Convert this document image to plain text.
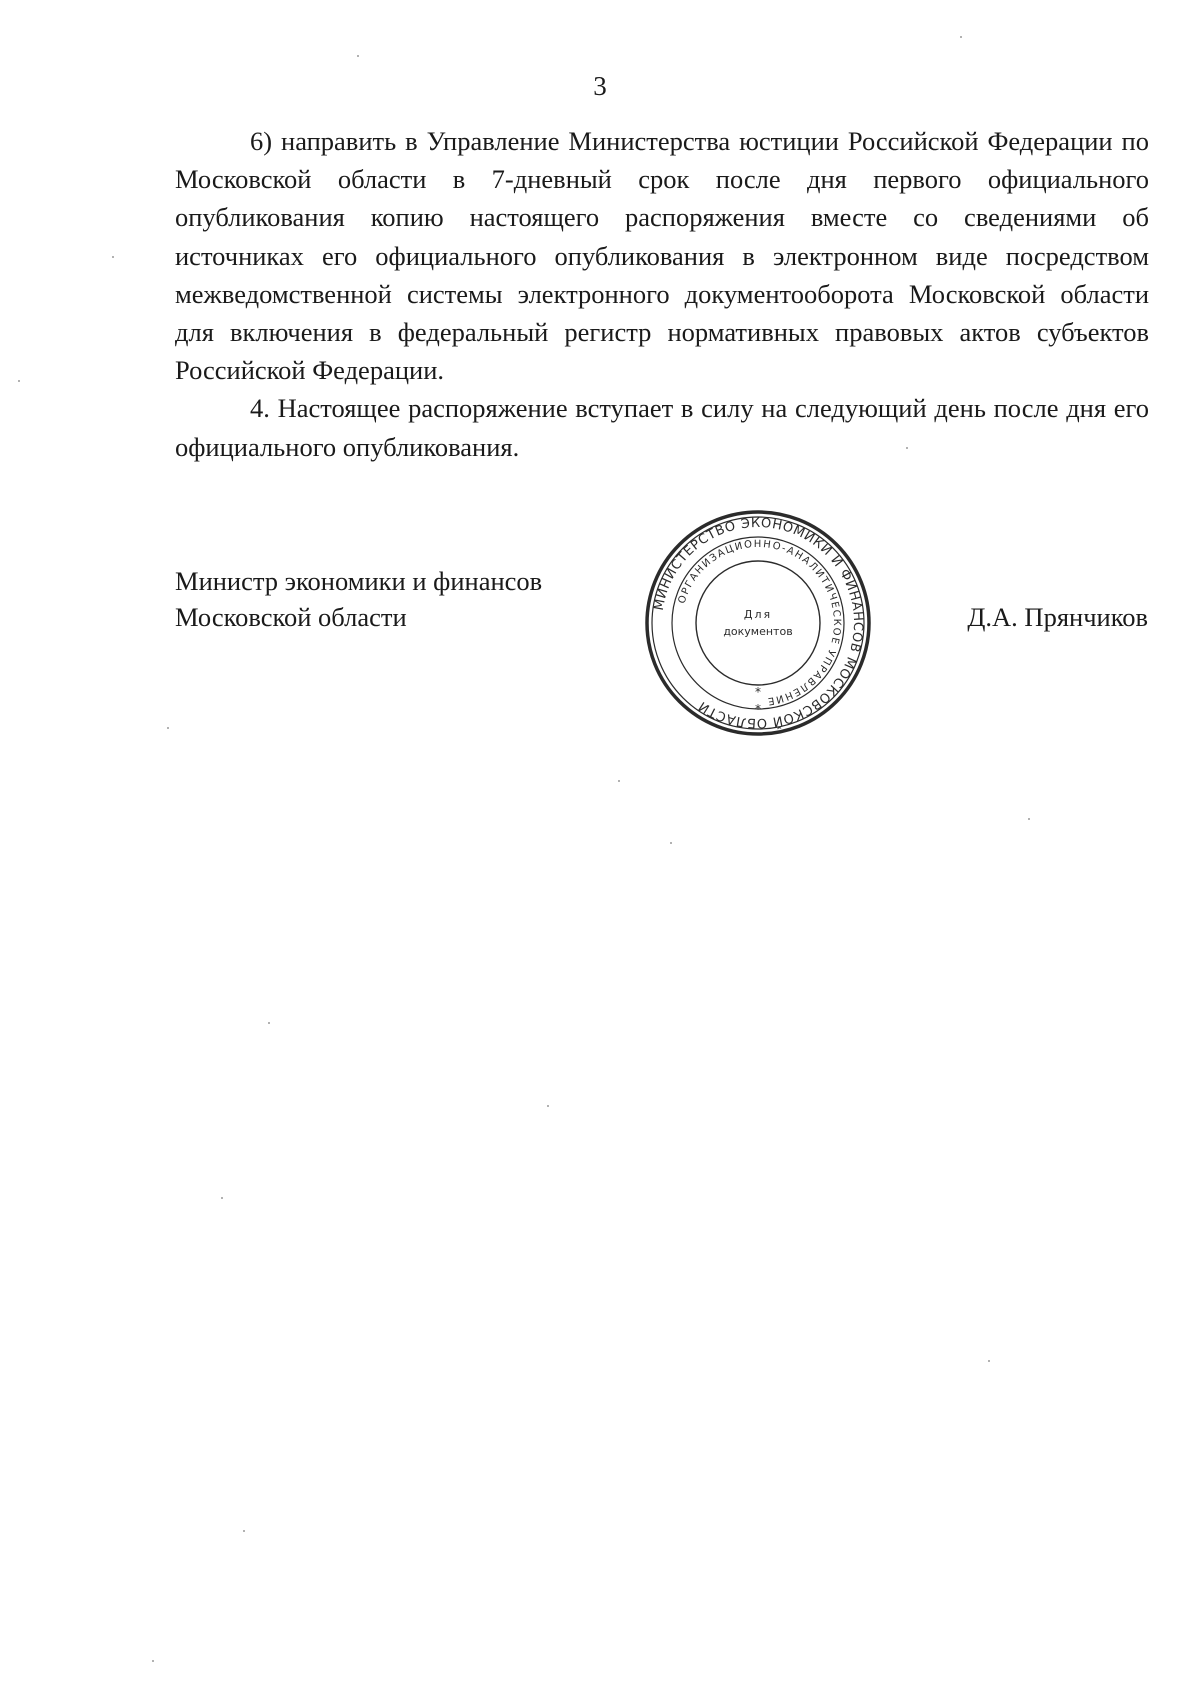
3

6) направить в Управление Министерства юстиции Российской Федерации по Московской области в 7-дневный срок после дня первого официального опубликования копию настоящего распоряжения вместе со сведениями об источниках его официального опубликования в электронном виде посредством межведомственной системы электронного документооборота Московской области для включения в федеральный регистр нормативных правовых актов субъектов Российской Федерации.

4. Настоящее распоряжение вступает в силу на следующий день после дня его официального опубликования.

Министр экономики и финансов
Московской области	Д.А. Прянчиков
МИНИСТЕРСТВО ЭКОНОМИКИ И ФИНАНСОВ МОСКОВСКОЙ ОБЛАСТИ
ОРГАНИЗАЦИОННО-АНАЛИТИЧЕСКОЕ УПРАВЛЕНИЕ
Для
документов
*
*
